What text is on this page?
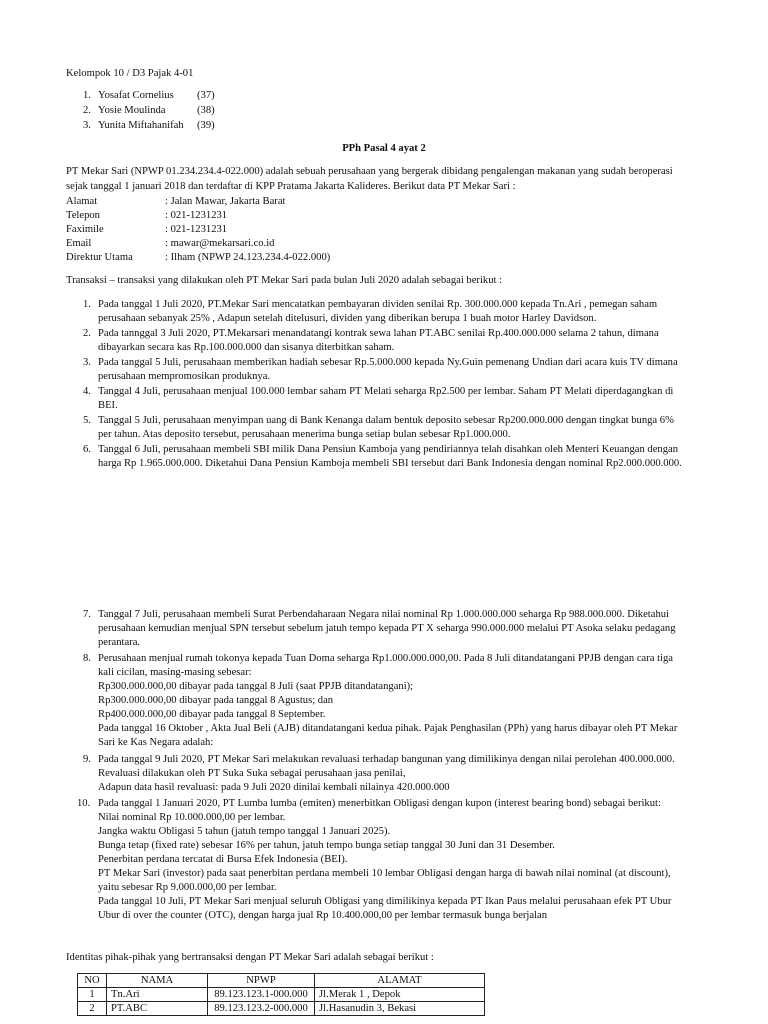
Kelompok 10 / D3 Pajak 4-01
1. Yosafat Cornelius (37)
2. Yosie Moulinda	(38)
3. Yunita Miftahanifah (39)
PPh Pasal 4 ayat 2
PT Mekar Sari (NPWP 01.234.234.4-022.000) adalah sebuah perusahaan yang bergerak dibidang pengalengan makanan yang sudah beroperasi
sejak tanggal 1 januari 2018 dan terdaftar di KPP Pratama Jakarta Kalideres. Berikut data PT Mekar Sari :
Alamat	: Jalan Mawar, Jakarta Barat
Telepon	: 021-1231231
Faximile	: 021-1231231
Email	: mawar@mekarsari.co.id
Direktur Utama	: Ilham (NPWP 24.123.234.4-022.000)
Transaksi – transaksi yang dilakukan oleh PT Mekar Sari pada bulan Juli 2020 adalah sebagai berikut :
1. Pada tanggal 1 Juli 2020, PT.Mekar Sari mencatatkan pembayaran dividen senilai Rp. 300.000.000 kepada Tn.Ari , pemegan saham
perusahaan sebanyak 25% , Adapun setelah ditelusuri, dividen yang diberikan berupa 1 buah motor Harley Davidson.
2. Pada tannggal 3 Juli 2020, PT.Mekarsari menandatangi kontrak sewa lahan PT.ABC senilai Rp.400.000.000 selama 2 tahun, dimana
dibayarkan secara kas Rp.100.000.000 dan sisanya diterbitkan saham.
3. Pada tanggal 5 Juli, perusahaan memberikan hadiah sebesar Rp.5.000.000 kepada Ny.Guin pemenang Undian dari acara kuis TV dimana
perusahaan mempromosikan produknya.
4. Tanggal 4 Juli, perusahaan menjual 100.000 lembar saham PT Melati seharga Rp2.500 per lembar. Saham PT Melati diperdagangkan di
BEI.
5. Tanggal 5 Juli, perusahaan menyimpan uang di Bank Kenanga dalam bentuk deposito sebesar Rp200.000.000 dengan tingkat bunga 6%
per tahun. Atas deposito tersebut, perusahaan menerima bunga setiap bulan sebesar Rp1.000.000.
6. Tanggal 6 Juli, perusahaan membeli SBI milik Dana Pensiun Kamboja yang pendiriannya telah disahkan oleh Menteri Keuangan dengan
harga Rp 1.965.000.000. Diketahui Dana Pensiun Kamboja membeli SBI tersebut dari Bank Indonesia dengan nominal Rp2.000.000.000.
7. Tanggal 7 Juli, perusahaan membeli Surat Perbendaharaan Negara nilai nominal Rp 1.000.000.000 seharga Rp 988.000.000. Diketahui
perusahaan kemudian menjual SPN tersebut sebelum jatuh tempo kepada PT X seharga 990.000.000 melalui PT Asoka selaku pedagang
perantara.
8. Perusahaan menjual rumah tokonya kepada Tuan Doma seharga Rp1.000.000.000,00. Pada 8 Juli ditandatangani PPJB dengan cara tiga
kali cicilan, masing-masing sebesar:
Rp300.000.000,00 dibayar pada tanggal 8 Juli (saat PPJB ditandatangani);
Rp300.000.000,00 dibayar pada tanggal 8 Agustus; dan
Rp400.000.000,00 dibayar pada tanggal 8 September.
Pada tanggal 16 Oktober , Akta Jual Beli (AJB) ditandatangani kedua pihak. Pajak Penghasilan (PPh) yang harus dibayar oleh PT Mekar
Sari ke Kas Negara adalah:
9. Pada tanggal 9 Juli 2020, PT Mekar Sari melakukan revaluasi terhadap bangunan yang dimilikinya dengan nilai perolehan 400.000.000.
Revaluasi dilakukan oleh PT Suka Suka sebagai perusahaan jasa penilai,
Adapun data hasil revaluasi: pada 9 Juli 2020 dinilai kembali nilainya 420.000.000
10. Pada tanggal 1 Januari 2020, PT Lumba lumba (emiten) menerbitkan Obligasi dengan kupon (interest bearing bond) sebagai berikut:
Nilai nominal Rp 10.000.000,00 per lembar.
Jangka waktu Obligasi 5 tahun (jatuh tempo tanggal 1 Januari 2025).
Bunga tetap (fixed rate) sebesar 16% per tahun, jatuh tempo bunga setiap tanggal 30 Juni dan 31 Desember.
Penerbitan perdana tercatat di Bursa Efek Indonesia (BEI).
PT Mekar Sari (investor) pada saat penerbitan perdana membeli 10 lembar Obligasi dengan harga di bawah nilai nominal (at discount),
yaitu sebesar Rp 9.000.000,00 per lembar.
Pada tanggal 10 Juli, PT Mekar Sari menjual seluruh Obligasi yang dimilikinya kepada PT Ikan Paus melalui perusahaan efek PT Ubur
Ubur di over the counter (OTC), dengan harga jual Rp 10.400.000,00 per lembar termasuk bunga berjalan
Identitas pihak-pihak yang bertransaksi dengan PT Mekar Sari adalah sebagai berikut :
NO	NAMA	NPWP	ALAMAT
1	Tn.Ari	89.123.123.1-000.000	Jl.Merak 1 , Depok
2	PT.ABC	89.123.123.2-000.000	Jl.Hasanudin 3, Bekasi
